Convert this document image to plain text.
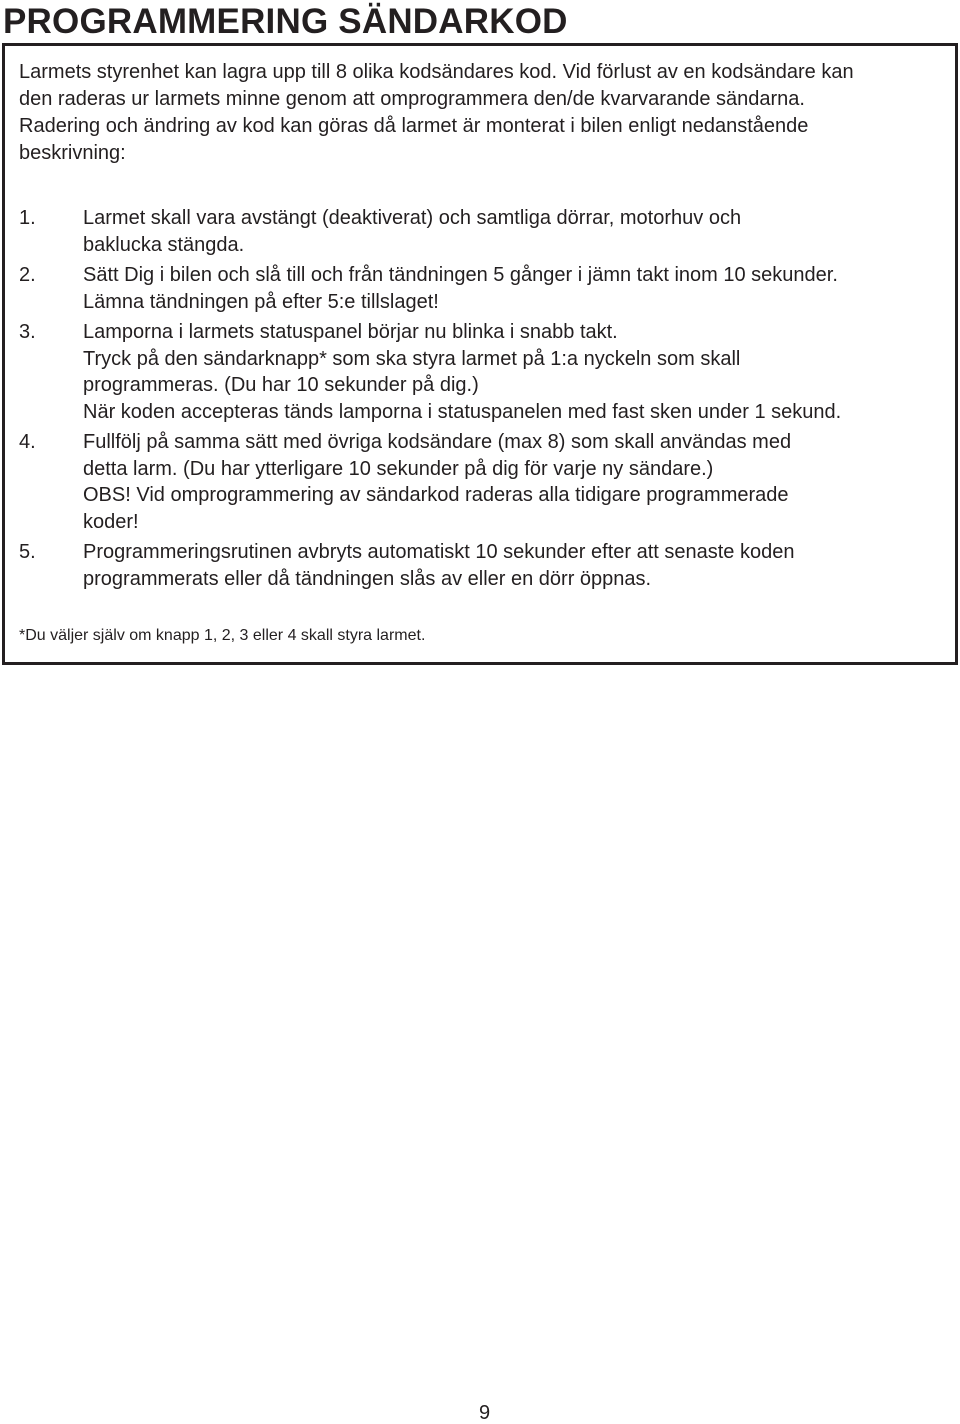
PROGRAMMERING SÄNDARKOD

Larmets styrenhet kan lagra upp till 8 olika kodsändares kod. Vid förlust av en kodsändare kan
den raderas ur larmets minne genom att omprogrammera den/de kvarvarande sändarna.
Radering och ändring av kod kan göras då larmet är monterat i bilen enligt nedanstående
beskrivning:

1. Larmet skall vara avstängt (deaktiverat) och samtliga dörrar, motorhuv och
baklucka stängda.
2. Sätt Dig i bilen och slå till och från tändningen 5 gånger i jämn takt inom 10 sekunder.
Lämna tändningen på efter 5:e tillslaget!
3. Lamporna i larmets statuspanel börjar nu blinka i snabb takt.
Tryck på den sändarknapp* som ska styra larmet på 1:a nyckeln som skall
programmeras. (Du har 10 sekunder på dig.)
När koden accepteras tänds lamporna i statuspanelen med fast sken under 1 sekund.
4. Fullfölj på samma sätt med övriga kodsändare (max 8) som skall användas med
detta larm. (Du har ytterligare 10 sekunder på dig för varje ny sändare.)
OBS! Vid omprogrammering av sändarkod raderas alla tidigare programmerade
koder!
5. Programmeringsrutinen avbryts automatiskt 10 sekunder efter att senaste koden
programmerats eller då tändningen slås av eller en dörr öppnas.

*Du väljer själv om knapp 1, 2, 3 eller 4 skall styra larmet.

9
